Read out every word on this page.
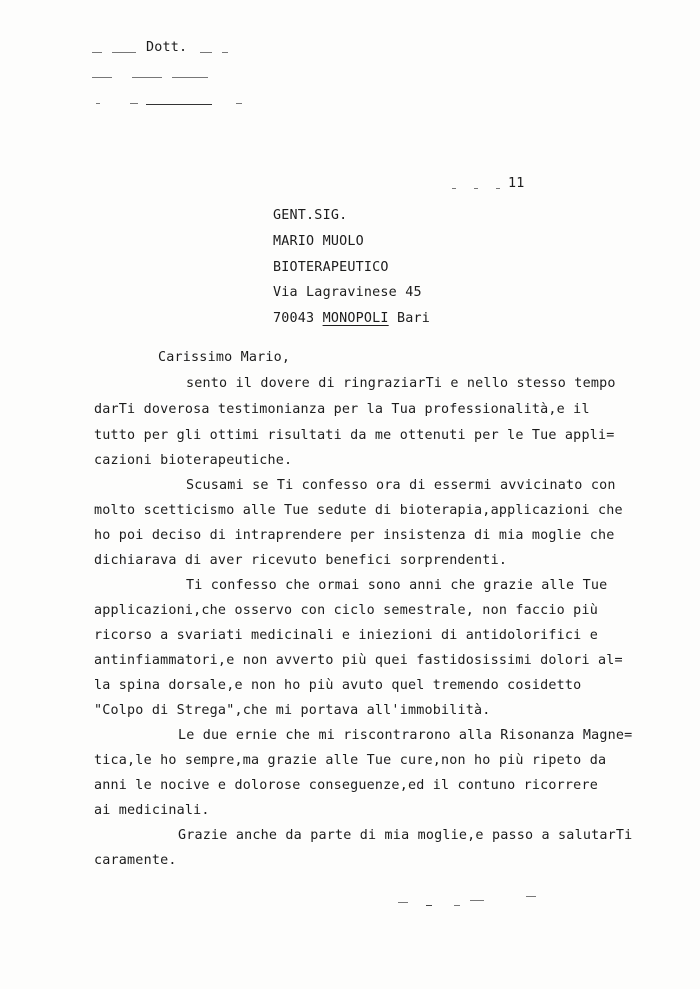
Dott.
11
GENT.SIG.
MARIO MUOLO
BIOTERAPEUTICO
Via Lagravinese 45
70043 MONOPOLI Bari
Carissimo Mario,
sento il dovere di ringraziarTi e nello stesso tempo
darTi doverosa testimonianza per la Tua professionalità,e il
tutto per gli ottimi risultati da me ottenuti per le Tue appli=
cazioni bioterapeutiche.
Scusami se Ti confesso ora di essermi avvicinato con
molto scetticismo alle Tue sedute di bioterapia,applicazioni che
ho poi deciso di intraprendere per insistenza di mia moglie che
dichiarava di aver ricevuto benefici sorprendenti.
Ti confesso che ormai sono anni che grazie alle Tue
applicazioni,che osservo con ciclo semestrale, non faccio più
ricorso a svariati medicinali e iniezioni di antidolorifici e
antinfiammatori,e non avverto più quei fastidosissimi dolori al=
la spina dorsale,e non ho più avuto quel tremendo cosidetto
"Colpo di Strega",che mi portava all'immobilità.
Le due ernie che mi riscontrarono alla Risonanza Magne=
tica,le ho sempre,ma grazie alle Tue cure,non ho più ripeto da
anni le nocive e dolorose conseguenze,ed il contuno ricorrere
ai medicinali.
Grazie anche da parte di mia moglie,e passo a salutarTi
caramente.
